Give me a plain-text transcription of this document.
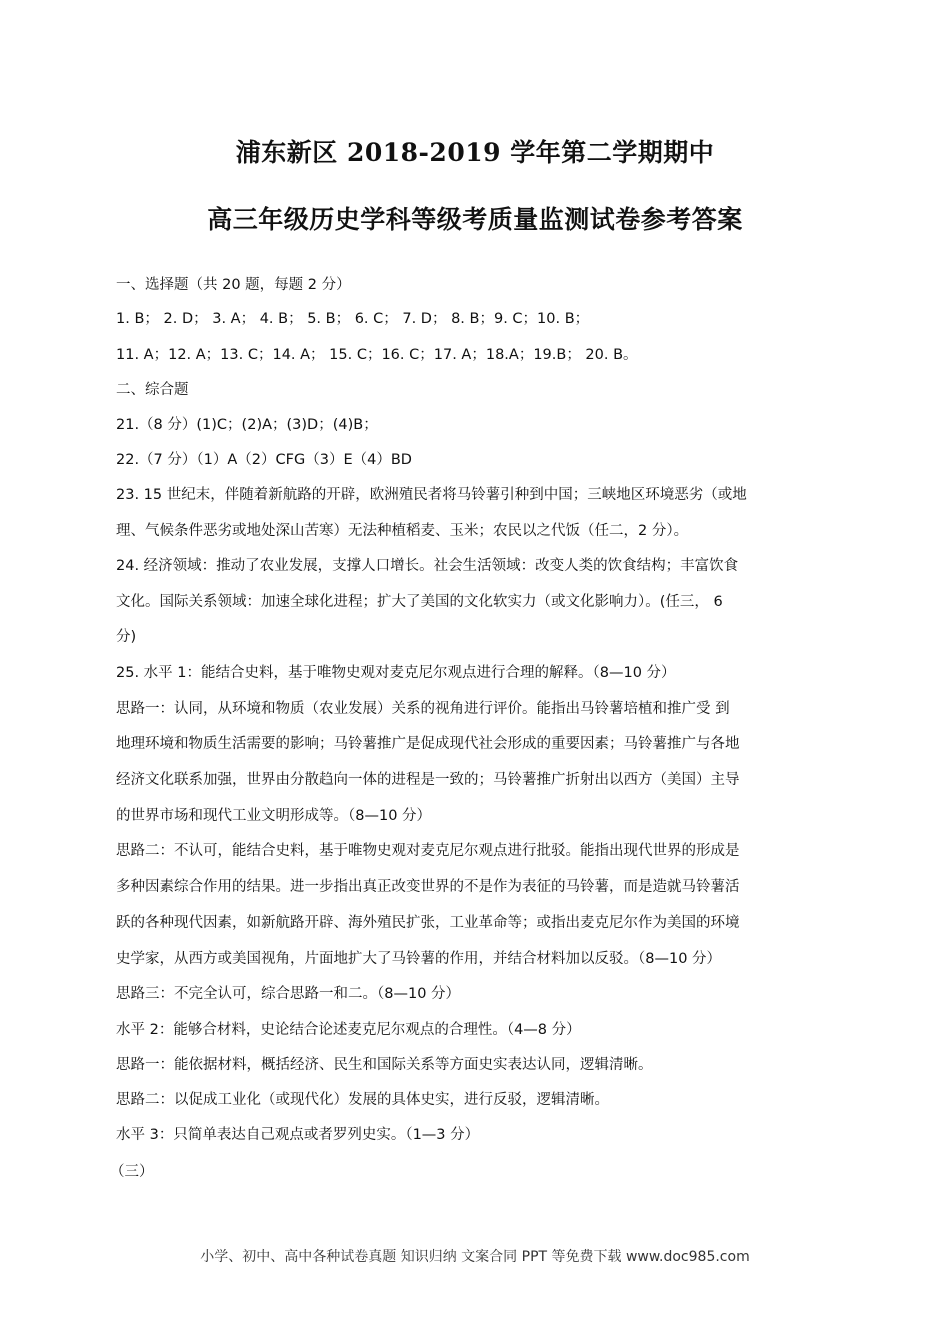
浦东新区 2018-2019 学年第二学期期中
高三年级历史学科等级考质量监测试卷参考答案
一、选择题（共 20 题，每题 2 分）
1. B； 2. D； 3. A； 4. B； 5. B； 6. C； 7. D； 8. B；9. C；10. B；
11. A；12. A；13. C；14. A； 15. C；16. C；17. A；18.A；19.B； 20. B。
二、综合题
21.（8 分）(1)C；(2)A；(3)D；(4)B；
22.（7 分）（1）A（2）CFG（3）E（4）BD
23. 15 世纪末，伴随着新航路的开辟，欧洲殖民者将马铃薯引种到中国；三峡地区环境恶劣（或地
理、气候条件恶劣或地处深山苦寒）无法种植稻麦、玉米；农民以之代饭（任二，2 分）。
24. 经济领域：推动了农业发展，支撑人口增长。社会生活领域：改变人类的饮食结构；丰富饮食
文化。国际关系领域：加速全球化进程；扩大了美国的文化软实力（或文化影响力）。(任三， 6
分)
25. 水平 1：能结合史料，基于唯物史观对麦克尼尔观点进行合理的解释。（8—10 分）
思路一：认同，从环境和物质（农业发展）关系的视角进行评价。能指出马铃薯培植和推广受 到
地理环境和物质生活需要的影响；马铃薯推广是促成现代社会形成的重要因素；马铃薯推广与各地
经济文化联系加强，世界由分散趋向一体的进程是一致的；马铃薯推广折射出以西方（美国）主导
的世界市场和现代工业文明形成等。（8—10 分）
思路二：不认可，能结合史料，基于唯物史观对麦克尼尔观点进行批驳。能指出现代世界的形成是
多种因素综合作用的结果。进一步指出真正改变世界的不是作为表征的马铃薯，而是造就马铃薯活
跃的各种现代因素，如新航路开辟、海外殖民扩张，工业革命等；或指出麦克尼尔作为美国的环境
史学家，从西方或美国视角，片面地扩大了马铃薯的作用，并结合材料加以反驳。（8—10 分）
思路三：不完全认可，综合思路一和二。（8—10 分）
水平 2：能够合材料，史论结合论述麦克尼尔观点的合理性。（4—8 分）
思路一：能依据材料，概括经济、民生和国际关系等方面史实表达认同，逻辑清晰。
思路二：以促成工业化（或现代化）发展的具体史实，进行反驳，逻辑清晰。
水平 3：只简单表达自己观点或者罗列史实。（1—3 分）
（三）
小学、初中、高中各种试卷真题 知识归纳 文案合同 PPT 等免费下载 www.doc985.com
